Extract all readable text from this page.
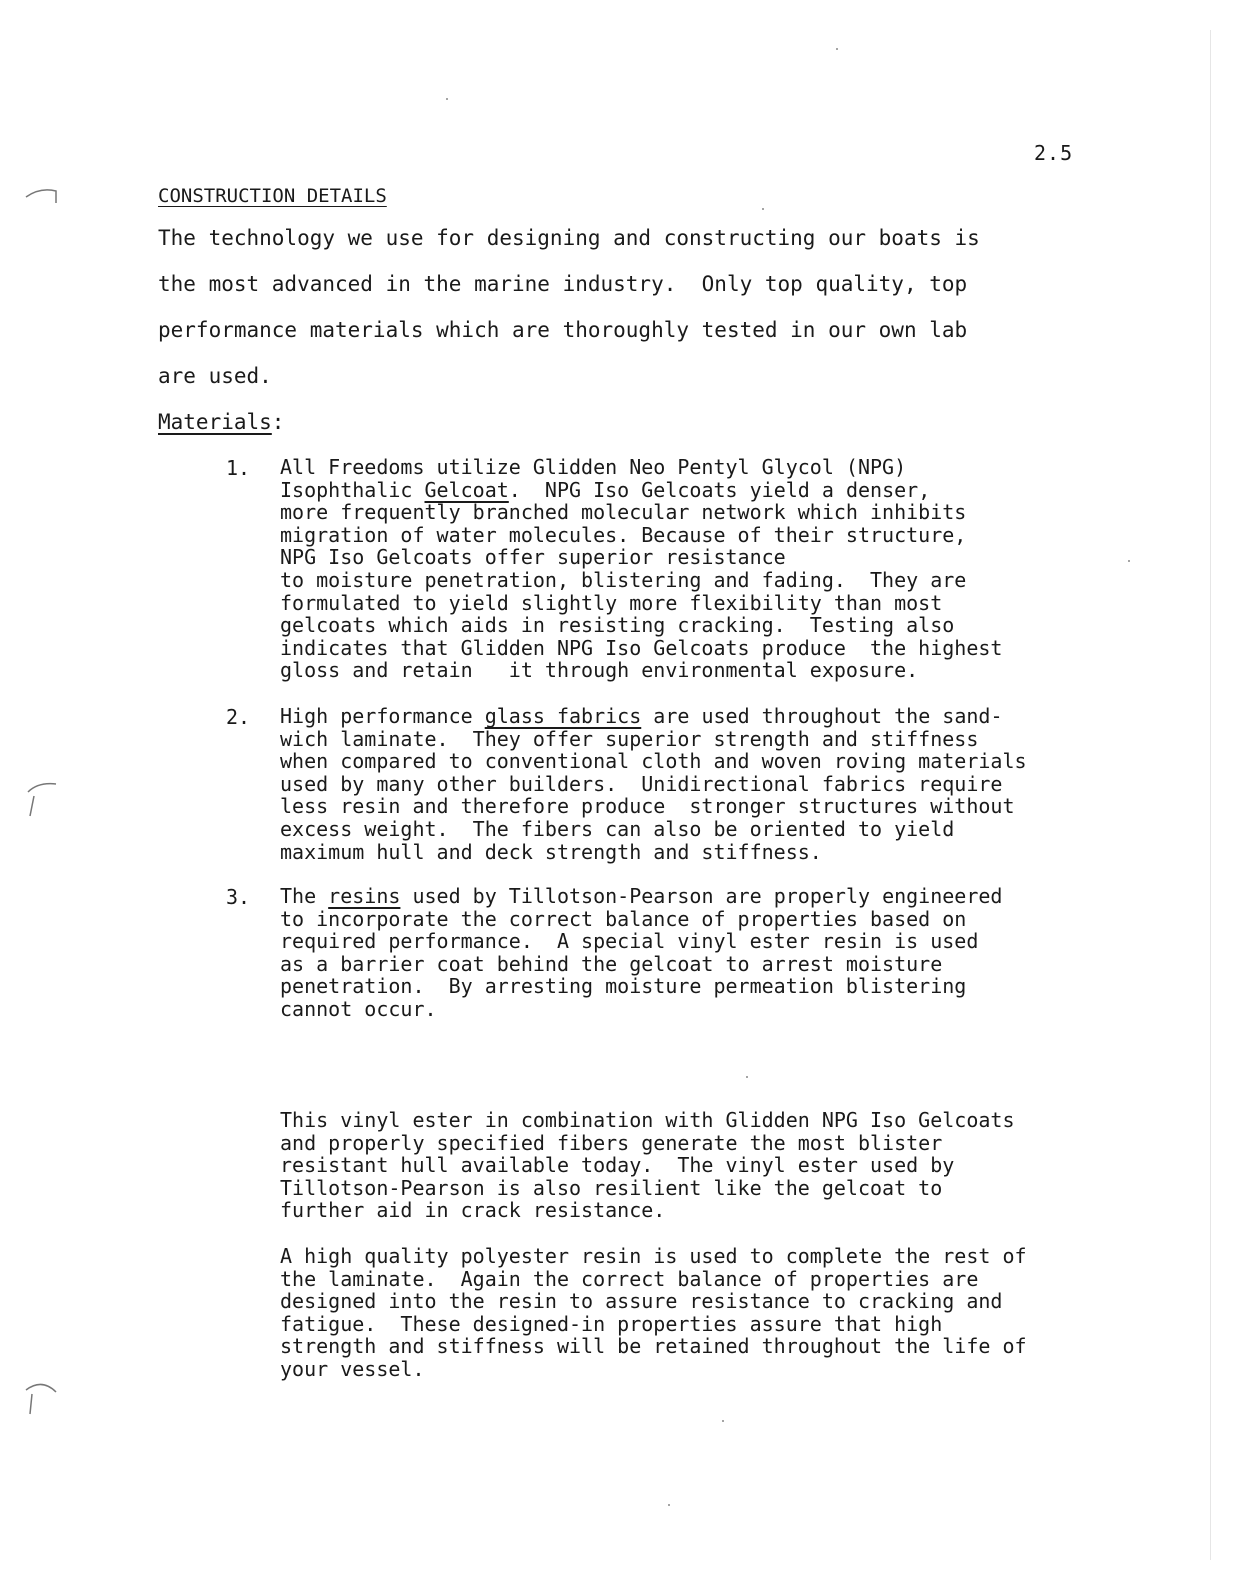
2.5
CONSTRUCTION DETAILS
The technology we use for designing and constructing our boats is
the most advanced in the marine industry.  Only top quality, top
performance materials which are thoroughly tested in our own lab
are used.
Materials:
1. All Freedoms utilize Glidden Neo Pentyl Glycol (NPG)
Isophthalic Gelcoat.  NPG Iso Gelcoats yield a denser,
more frequently branched molecular network which inhibits
migration of water molecules. Because of their structure,
NPG Iso Gelcoats offer superior resistance
to moisture penetration, blistering and fading.  They are
formulated to yield slightly more flexibility than most
gelcoats which aids in resisting cracking.  Testing also
indicates that Glidden NPG Iso Gelcoats produce  the highest
gloss and retain   it through environmental exposure.
2. High performance glass fabrics are used throughout the sand-
wich laminate.  They offer superior strength and stiffness
when compared to conventional cloth and woven roving materials
used by many other builders.  Unidirectional fabrics require
less resin and therefore produce  stronger structures without
excess weight.  The fibers can also be oriented to yield
maximum hull and deck strength and stiffness.
3. The resins used by Tillotson-Pearson are properly engineered
to incorporate the correct balance of properties based on
required performance.  A special vinyl ester resin is used
as a barrier coat behind the gelcoat to arrest moisture
penetration.  By arresting moisture permeation blistering
cannot occur.
This vinyl ester in combination with Glidden NPG Iso Gelcoats
and properly specified fibers generate the most blister
resistant hull available today.  The vinyl ester used by
Tillotson-Pearson is also resilient like the gelcoat to
further aid in crack resistance.
A high quality polyester resin is used to complete the rest of
the laminate.  Again the correct balance of properties are
designed into the resin to assure resistance to cracking and
fatigue.  These designed-in properties assure that high
strength and stiffness will be retained throughout the life of
your vessel.
